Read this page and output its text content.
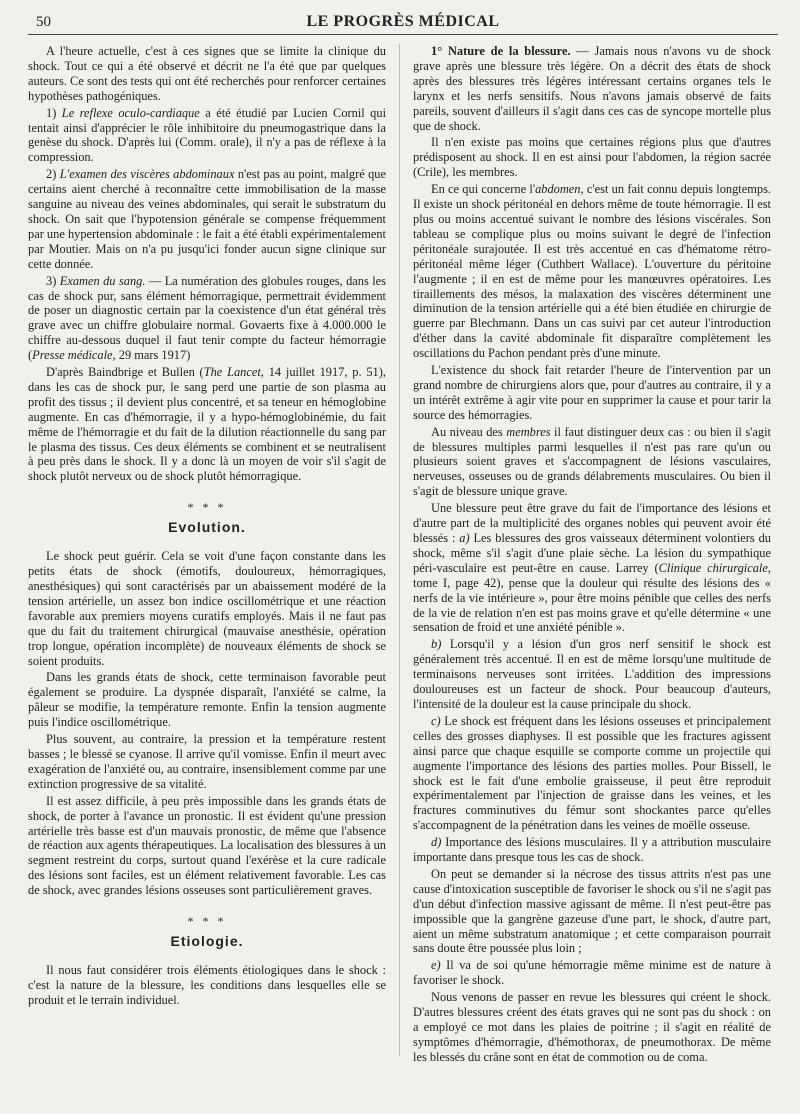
50	LE PROGRÈS MÉDICAL

A l'heure actuelle, c'est à ces signes que se limite la clinique du shock. Tout ce qui a été observé et décrit ne l'a été que par quelques auteurs. Ce sont des tests qui ont été recherchés pour renforcer certaines hypothèses pathogéniques.

1) Le reflexe oculo-cardiaque a été étudié par Lucien Cornil qui tentait ainsi d'apprécier le rôle inhibitoire du pneumogastrique dans la genèse du shock. D'après lui (Comm. orale), il n'y a pas de réflexe à la compression.

2) L'examen des viscères abdominaux n'est pas au point, malgré que certains aient cherché à reconnaître cette immobilisation de la masse sanguine au niveau des veines abdominales, qui serait le substratum du shock. On sait que l'hypotension générale se compense fréquemment par une hypertension abdominale : le fait a été établi expérimentalement par Moutier. Mais on n'a pu jusqu'ici fonder aucun signe clinique sur cette donnée.

3) Examen du sang. — La numération des globules rouges, dans les cas de shock pur, sans élément hémorragique, permettrait évidemment de poser un diagnostic certain par la coexistence d'un état général très grave avec un chiffre globulaire normal. Govaerts fixe à 4.000.000 le chiffre au-dessous duquel il faut tenir compte du facteur hémorragie (Presse médicale, 29 mars 1917)

D'après Baindbrige et Bullen (The Lancet, 14 juillet 1917, p. 51), dans les cas de shock pur, le sang perd une partie de son plasma au profit des tissus ; il devient plus concentré, et sa teneur en hémoglobine augmente. En cas d'hémorragie, il y a hypo-hémoglobinémie, du fait même de l'hémorragie et du fait de la dilution réactionnelle du sang par le plasma des tissus. Ces deux éléments se combinent et se neutralisent à peu près dans le shock. Il y a donc là un moyen de voir s'il s'agit de shock plutôt nerveux ou de shock plutôt hémorragique.

* * *
Evolution.

Le shock peut guérir. Cela se voit d'une façon constante dans les petits états de shock (émotifs, douloureux, hémorragiques, anesthésiques) qui sont caractérisés par un abaissement modéré de la tension artérielle, un assez bon indice oscillométrique et une réaction favorable aux premiers moyens curatifs employés. Mais il ne faut pas que du fait du traitement chirurgical (mauvaise anesthésie, opération trop longue, opération incomplète) de nouveaux éléments de shock se soient produits.

Dans les grands états de shock, cette terminaison favorable peut également se produire. La dyspnée disparaît, l'anxiété se calme, la pâleur se modifie, la température remonte. Enfin la tension augmente puis l'indice oscillométrique.

Plus souvent, au contraire, la pression et la température restent basses ; le blessé se cyanose. Il arrive qu'il vomisse. Enfin il meurt avec exagération de l'anxiété ou, au contraire, insensiblement comme par une extinction progressive de sa vitalité.

Il est assez difficile, à peu près impossible dans les grands états de shock, de porter à l'avance un pronostic. Il est évident qu'une pression artérielle très basse est d'un mauvais pronostic, de même que l'absence de réaction aux agents thérapeutiques. La localisation des blessures à un segment restreint du corps, surtout quand l'exérèse et la cure radicale des lésions sont faciles, est un élément relativement favorable. Les cas de shock, avec grandes lésions osseuses sont particulièrement graves.

* * *
Etiologie.

Il nous faut considérer trois éléments étiologiques dans le shock : c'est la nature de la blessure, les conditions dans lesquelles elle se produit et le terrain individuel.

1° Nature de la blessure. — Jamais nous n'avons vu de shock grave après une blessure très légère. On a décrit des états de shock après des blessures très légères intéressant certains organes tels le larynx et les nerfs sensitifs. Nous n'avons jamais observé de faits pareils, souvent d'ailleurs il s'agit dans ces cas de syncope mortelle plus que de shock.

Il n'en existe pas moins que certaines régions plus que d'autres prédisposent au shock. Il en est ainsi pour l'abdomen, la région sacrée (Crile), les membres.

En ce qui concerne l'abdomen, c'est un fait connu depuis longtemps. Il existe un shock péritonéal en dehors même de toute hémorragie. Il est plus ou moins accentué suivant le nombre des lésions viscérales. Son tableau se complique plus ou moins suivant le degré de l'infection péritonéale surajoutée. Il est très accentué en cas d'hématome rétro-péritonéal même léger (Cuthbert Wallace). L'ouverture du péritoine l'augmente ; il en est de même pour les manœuvres opératoires. Les tiraillements des mésos, la malaxation des viscères déterminent une diminution de la tension artérielle qui a été bien étudiée en chirurgie de guerre par Blechmann. Dans un cas suivi par cet auteur l'introduction d'éther dans la cavité abdominale fit disparaître complètement les oscillations du Pachon pendant près d'une minute.

L'existence du shock fait retarder l'heure de l'intervention par un grand nombre de chirurgiens alors que, pour d'autres au contraire, il y a un intérêt extrême à agir vite pour en supprimer la cause et pour tarir la source des hémorragies.

Au niveau des membres il faut distinguer deux cas : ou bien il s'agit de blessures multiples parmi lesquelles il n'est pas rare qu'un ou plusieurs soient graves et s'accompagnent de lésions vasculaires, nerveuses, osseuses ou de grands délabrements musculaires. Ou bien il s'agit de blessure unique grave.

Une blessure peut être grave du fait de l'importance des lésions et d'autre part de la multiplicité des organes nobles qui peuvent avoir été blessés : a) Les blessures des gros vaisseaux déterminent volontiers du shock, même s'il s'agit d'une plaie sèche. La lésion du sympathique péri-vasculaire est peut-être en cause. Larrey (Clinique chirurgicale, tome I, page 42), pense que la douleur qui résulte des lésions des « nerfs de la vie intérieure », pour être moins pénible que celles des nerfs de la vie de relation n'en est pas moins grave et qu'elle détermine « une sensation de froid et une anxiété pénible ».

b) Lorsqu'il y a lésion d'un gros nerf sensitif le shock est généralement très accentué. Il en est de même lorsqu'une multitude de terminaisons nerveuses sont irritées. L'addition des impressions douloureuses est un facteur de shock. Pour beaucoup d'auteurs, l'intensité de la douleur est la cause principale du shock.

c) Le shock est fréquent dans les lésions osseuses et principalement celles des grosses diaphyses. Il est possible que les fractures agissent ainsi parce que chaque esquille se comporte comme un projectile qui augmente l'importance des lésions des parties molles. Pour Bissell, le shock est le fait d'une embolie graisseuse, il peut être reproduit expérimentalement par l'injection de graisse dans les veines, et les fractures comminutives du fémur sont shockantes parce qu'elles s'accompagnent de la pénétration dans les veines de moëlle osseuse.

d) Importance des lésions musculaires. Il y a attribution musculaire importante dans presque tous les cas de shock.

On peut se demander si la nécrose des tissus attrits n'est pas une cause d'intoxication susceptible de favoriser le shock ou s'il ne s'agit pas d'un début d'infection massive agissant de même. Il n'est peut-être pas impossible que la gangrène gazeuse d'une part, le shock, d'autre part, aient un même substratum anatomique ; et cette comparaison pourrait sans doute être poussée plus loin ;

e) Il va de soi qu'une hémorragie même minime est de nature à favoriser le shock.

Nous venons de passer en revue les blessures qui créent le shock. D'autres blessures créent des états graves qui ne sont pas du shock : on a employé ce mot dans les plaies de poitrine ; il s'agit en réalité de symptômes d'hémorragie, d'hémothorax, de pneumothorax. De même les blessés du crâne sont en état de commotion ou de coma.
